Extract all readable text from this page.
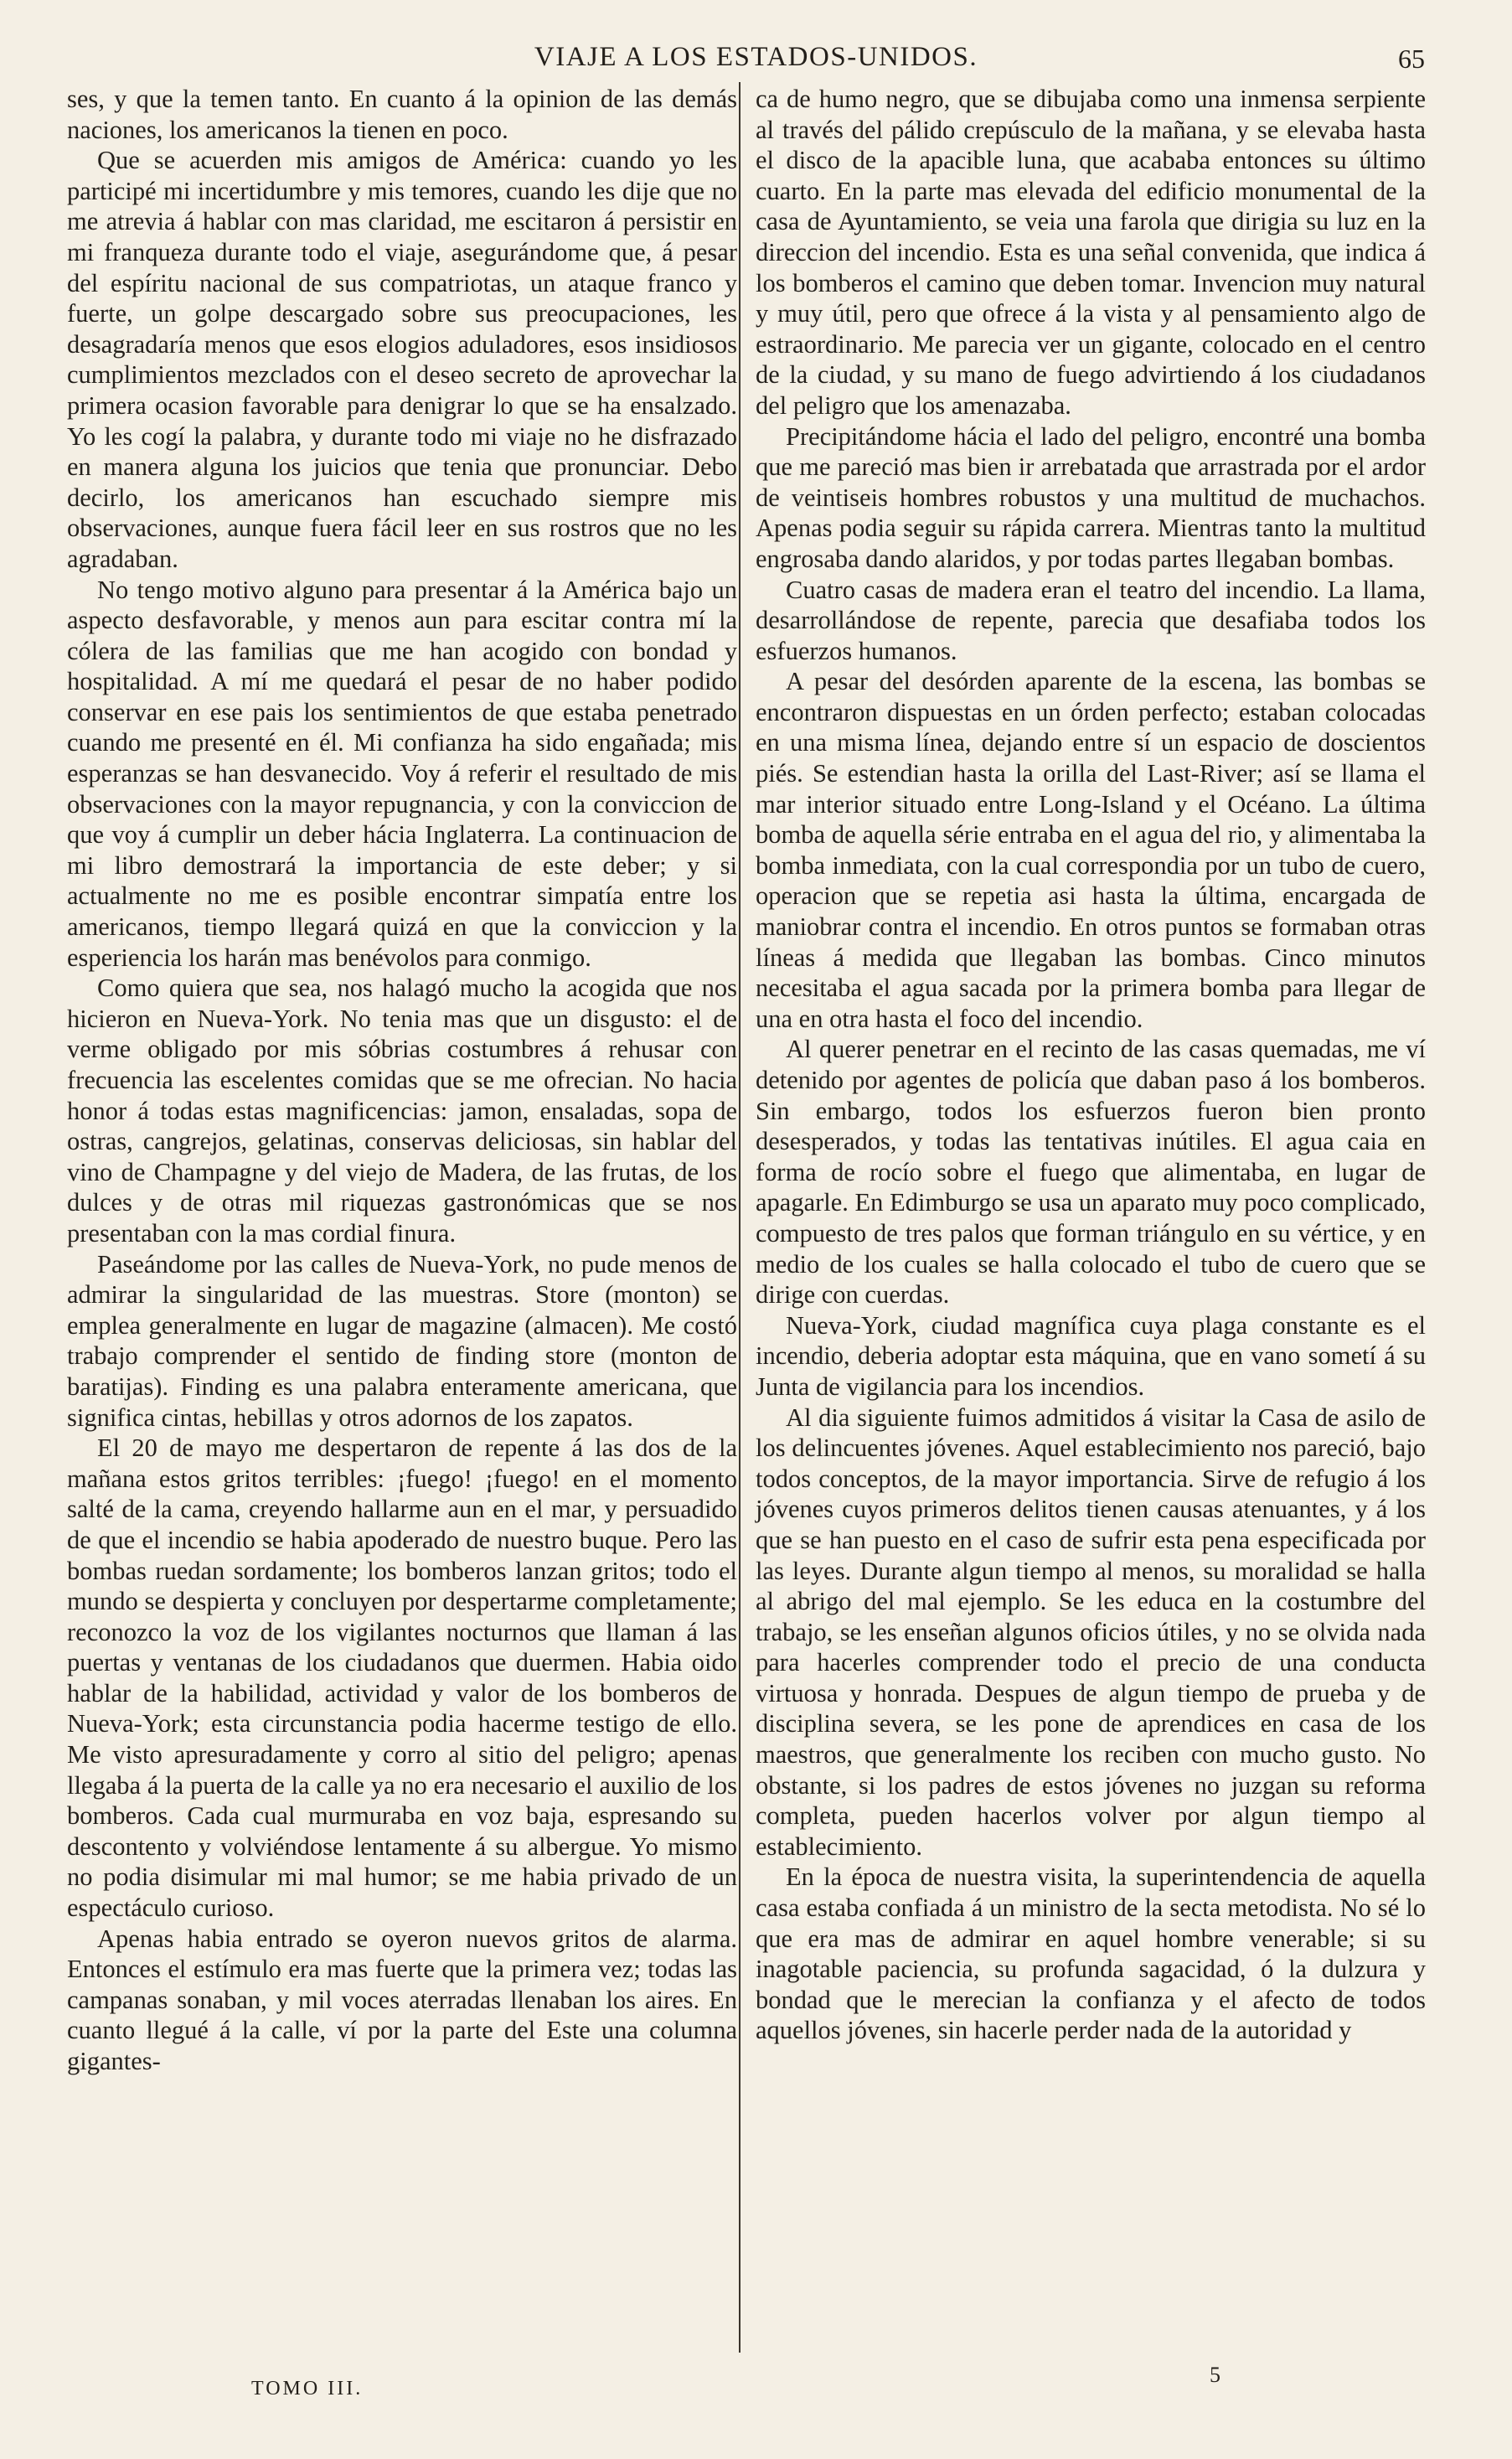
VIAJE A LOS ESTADOS-UNIDOS.	65

ses, y que la temen tanto. En cuanto á la opinion de las demás naciones, los americanos la tienen en poco.

Que se acuerden mis amigos de América: cuando yo les participé mi incertidumbre y mis temores, cuando les dije que no me atrevia á hablar con mas claridad, me escitaron á persistir en mi franqueza durante todo el viaje, asegurándome que, á pesar del espíritu nacional de sus compatriotas, un ataque franco y fuerte, un golpe descargado sobre sus preocupaciones, les desagradaría menos que esos elogios aduladores, esos insidiosos cumplimientos mezclados con el deseo secreto de aprovechar la primera ocasion favorable para denigrar lo que se ha ensalzado. Yo les cogí la palabra, y durante todo mi viaje no he disfrazado en manera alguna los juicios que tenia que pronunciar. Debo decirlo, los americanos han escuchado siempre mis observaciones, aunque fuera fácil leer en sus rostros que no les agradaban.

No tengo motivo alguno para presentar á la América bajo un aspecto desfavorable, y menos aun para escitar contra mí la cólera de las familias que me han acogido con bondad y hospitalidad. A mí me quedará el pesar de no haber podido conservar en ese pais los sentimientos de que estaba penetrado cuando me presenté en él. Mi confianza ha sido engañada; mis esperanzas se han desvanecido. Voy á referir el resultado de mis observaciones con la mayor repugnancia, y con la conviccion de que voy á cumplir un deber hácia Inglaterra. La continuacion de mi libro demostrará la importancia de este deber; y si actualmente no me es posible encontrar simpatía entre los americanos, tiempo llegará quizá en que la conviccion y la esperiencia los harán mas benévolos para conmigo.

Como quiera que sea, nos halagó mucho la acogida que nos hicieron en Nueva-York. No tenia mas que un disgusto: el de verme obligado por mis sóbrias costumbres á rehusar con frecuencia las escelentes comidas que se me ofrecian. No hacia honor á todas estas magnificencias: jamon, ensaladas, sopa de ostras, cangrejos, gelatinas, conservas deliciosas, sin hablar del vino de Champagne y del viejo de Madera, de las frutas, de los dulces y de otras mil riquezas gastronómicas que se nos presentaban con la mas cordial finura.

Paseándome por las calles de Nueva-York, no pude menos de admirar la singularidad de las muestras. Store (monton) se emplea generalmente en lugar de magazine (almacen). Me costó trabajo comprender el sentido de finding store (monton de baratijas). Finding es una palabra enteramente americana, que significa cintas, hebillas y otros adornos de los zapatos.

El 20 de mayo me despertaron de repente á las dos de la mañana estos gritos terribles: ¡fuego! ¡fuego! en el momento salté de la cama, creyendo hallarme aun en el mar, y persuadido de que el incendio se habia apoderado de nuestro buque. Pero las bombas ruedan sordamente; los bomberos lanzan gritos; todo el mundo se despierta y concluyen por despertarme completamente; reconozco la voz de los vigilantes nocturnos que llaman á las puertas y ventanas de los ciudadanos que duermen. Habia oido hablar de la habilidad, actividad y valor de los bomberos de Nueva-York; esta circunstancia podia hacerme testigo de ello. Me visto apresuradamente y corro al sitio del peligro; apenas llegaba á la puerta de la calle ya no era necesario el auxilio de los bomberos. Cada cual murmuraba en voz baja, espresando su descontento y volviéndose lentamente á su albergue. Yo mismo no podia disimular mi mal humor; se me habia privado de un espectáculo curioso.

Apenas habia entrado se oyeron nuevos gritos de alarma. Entonces el estímulo era mas fuerte que la primera vez; todas las campanas sonaban, y mil voces aterradas llenaban los aires. En cuanto llegué á la calle, ví por la parte del Este una columna gigantes-

ca de humo negro, que se dibujaba como una inmensa serpiente al través del pálido crepúsculo de la mañana, y se elevaba hasta el disco de la apacible luna, que acababa entonces su último cuarto. En la parte mas elevada del edificio monumental de la casa de Ayuntamiento, se veia una farola que dirigia su luz en la direccion del incendio. Esta es una señal convenida, que indica á los bomberos el camino que deben tomar. Invencion muy natural y muy útil, pero que ofrece á la vista y al pensamiento algo de estraordinario. Me parecia ver un gigante, colocado en el centro de la ciudad, y su mano de fuego advirtiendo á los ciudadanos del peligro que los amenazaba.

Precipitándome hácia el lado del peligro, encontré una bomba que me pareció mas bien ir arrebatada que arrastrada por el ardor de veintiseis hombres robustos y una multitud de muchachos. Apenas podia seguir su rápida carrera. Mientras tanto la multitud engrosaba dando alaridos, y por todas partes llegaban bombas.

Cuatro casas de madera eran el teatro del incendio. La llama, desarrollándose de repente, parecia que desafiaba todos los esfuerzos humanos.

A pesar del desórden aparente de la escena, las bombas se encontraron dispuestas en un órden perfecto; estaban colocadas en una misma línea, dejando entre sí un espacio de doscientos piés. Se estendian hasta la orilla del Last-River; así se llama el mar interior situado entre Long-Island y el Océano. La última bomba de aquella série entraba en el agua del rio, y alimentaba la bomba inmediata, con la cual correspondia por un tubo de cuero, operacion que se repetia asi hasta la última, encargada de maniobrar contra el incendio. En otros puntos se formaban otras líneas á medida que llegaban las bombas. Cinco minutos necesitaba el agua sacada por la primera bomba para llegar de una en otra hasta el foco del incendio.

Al querer penetrar en el recinto de las casas quemadas, me ví detenido por agentes de policía que daban paso á los bomberos. Sin embargo, todos los esfuerzos fueron bien pronto desesperados, y todas las tentativas inútiles. El agua caia en forma de rocío sobre el fuego que alimentaba, en lugar de apagarle. En Edimburgo se usa un aparato muy poco complicado, compuesto de tres palos que forman triángulo en su vértice, y en medio de los cuales se halla colocado el tubo de cuero que se dirige con cuerdas.

Nueva-York, ciudad magnífica cuya plaga constante es el incendio, deberia adoptar esta máquina, que en vano sometí á su Junta de vigilancia para los incendios.

Al dia siguiente fuimos admitidos á visitar la Casa de asilo de los delincuentes jóvenes. Aquel establecimiento nos pareció, bajo todos conceptos, de la mayor importancia. Sirve de refugio á los jóvenes cuyos primeros delitos tienen causas atenuantes, y á los que se han puesto en el caso de sufrir esta pena especificada por las leyes. Durante algun tiempo al menos, su moralidad se halla al abrigo del mal ejemplo. Se les educa en la costumbre del trabajo, se les enseñan algunos oficios útiles, y no se olvida nada para hacerles comprender todo el precio de una conducta virtuosa y honrada. Despues de algun tiempo de prueba y de disciplina severa, se les pone de aprendices en casa de los maestros, que generalmente los reciben con mucho gusto. No obstante, si los padres de estos jóvenes no juzgan su reforma completa, pueden hacerlos volver por algun tiempo al establecimiento.

En la época de nuestra visita, la superintendencia de aquella casa estaba confiada á un ministro de la secta metodista. No sé lo que era mas de admirar en aquel hombre venerable; si su inagotable paciencia, su profunda sagacidad, ó la dulzura y bondad que le merecian la confianza y el afecto de todos aquellos jóvenes, sin hacerle perder nada de la autoridad y

TOMO III.
5
